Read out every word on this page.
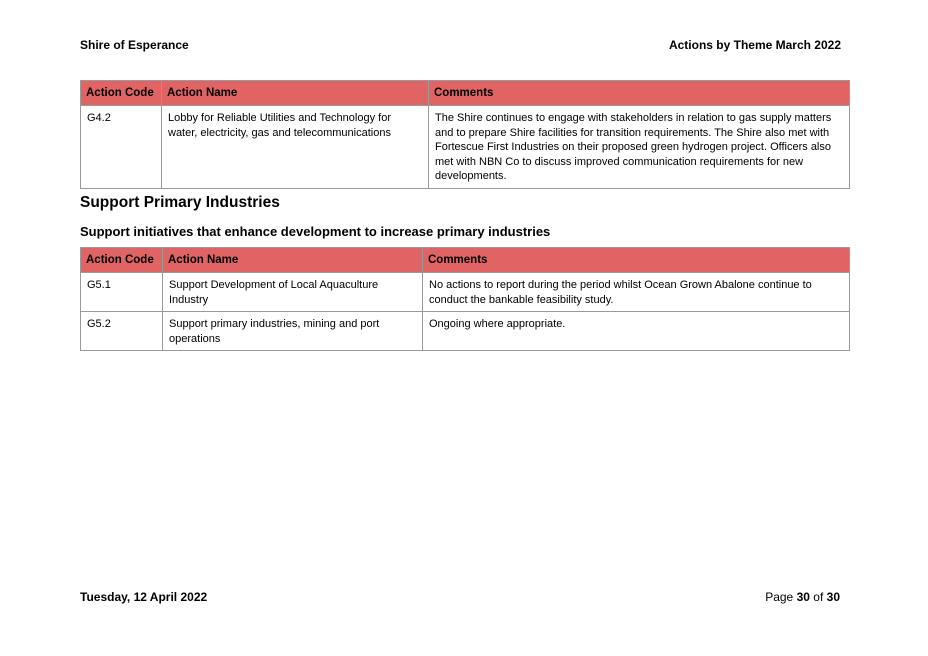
Shire of Esperance	Actions by Theme March 2022
Action Code	Action Name	Comments
G4.2	Lobby for Reliable Utilities and Technology for water, electricity, gas and telecommunications	The Shire continues to engage with stakeholders in relation to gas supply matters and to prepare Shire facilities for transition requirements. The Shire also met with Fortescue First Industries on their proposed green hydrogen project. Officers also met with NBN Co to discuss improved communication requirements for new developments.
Support Primary Industries
Support initiatives that enhance development to increase primary industries
Action Code	Action Name	Comments
G5.1	Support Development of Local Aquaculture Industry	No actions to report during the period whilst Ocean Grown Abalone continue to conduct the bankable feasibility study.
G5.2	Support primary industries, mining and port operations	Ongoing where appropriate.
Tuesday, 12 April 2022	Page 30 of 30
